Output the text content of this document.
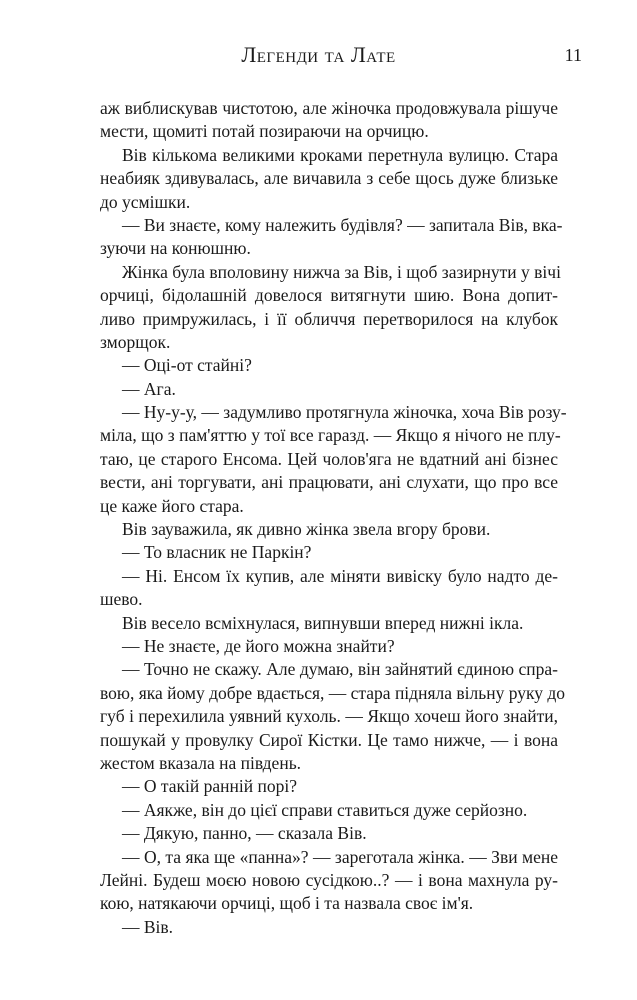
Легенди та Лате	11
аж виблискував чистотою, але жіночка продовжувала рішуче
мести, щомиті потай позираючи на орчицю.
Вів кількома великими кроками перетнула вулицю. Стара
неабияк здивувалась, але вичавила з себе щось дуже близьке
до усмішки.
— Ви знаєте, кому належить будівля? — запитала Вів, вка-
зуючи на конюшню.
Жінка була вполовину нижча за Вів, і щоб зазирнути у вічі
орчиці, бідолашній довелося витягнути шию. Вона допит-
ливо примружилась, і її обличчя перетворилося на клубок
зморщок.
— Оці-от стайні?
— Ага.
— Ну-у-у, — задумливо протягнула жіночка, хоча Вів розу-
міла, що з пам'яттю у тої все гаразд. — Якщо я нічого не плу-
таю, це старого Енсома. Цей чолов'яга не вдатний ані бізнес
вести, ані торгувати, ані працювати, ані слухати, що про все
це каже його стара.
Вів зауважила, як дивно жінка звела вгору брови.
— То власник не Паркін?
— Ні. Енсом їх купив, але міняти вивіску було надто де-
шево.
Вів весело всміхнулася, випнувши вперед нижні ікла.
— Не знаєте, де його можна знайти?
— Точно не скажу. Але думаю, він зайнятий єдиною спра-
вою, яка йому добре вдається, — стара підняла вільну руку до
губ і перехилила уявний кухоль. — Якщо хочеш його знайти,
пошукай у провулку Сирої Кістки. Це тамо нижче, — і вона
жестом вказала на південь.
— О такій ранній порі?
— Аякже, він до цієї справи ставиться дуже серйозно.
— Дякую, панно, — сказала Вів.
— О, та яка ще «панна»? — зареготала жінка. — Зви мене
Лейні. Будеш моєю новою сусідкою..? — і вона махнула ру-
кою, натякаючи орчиці, щоб і та назвала своє ім'я.
— Вів.
